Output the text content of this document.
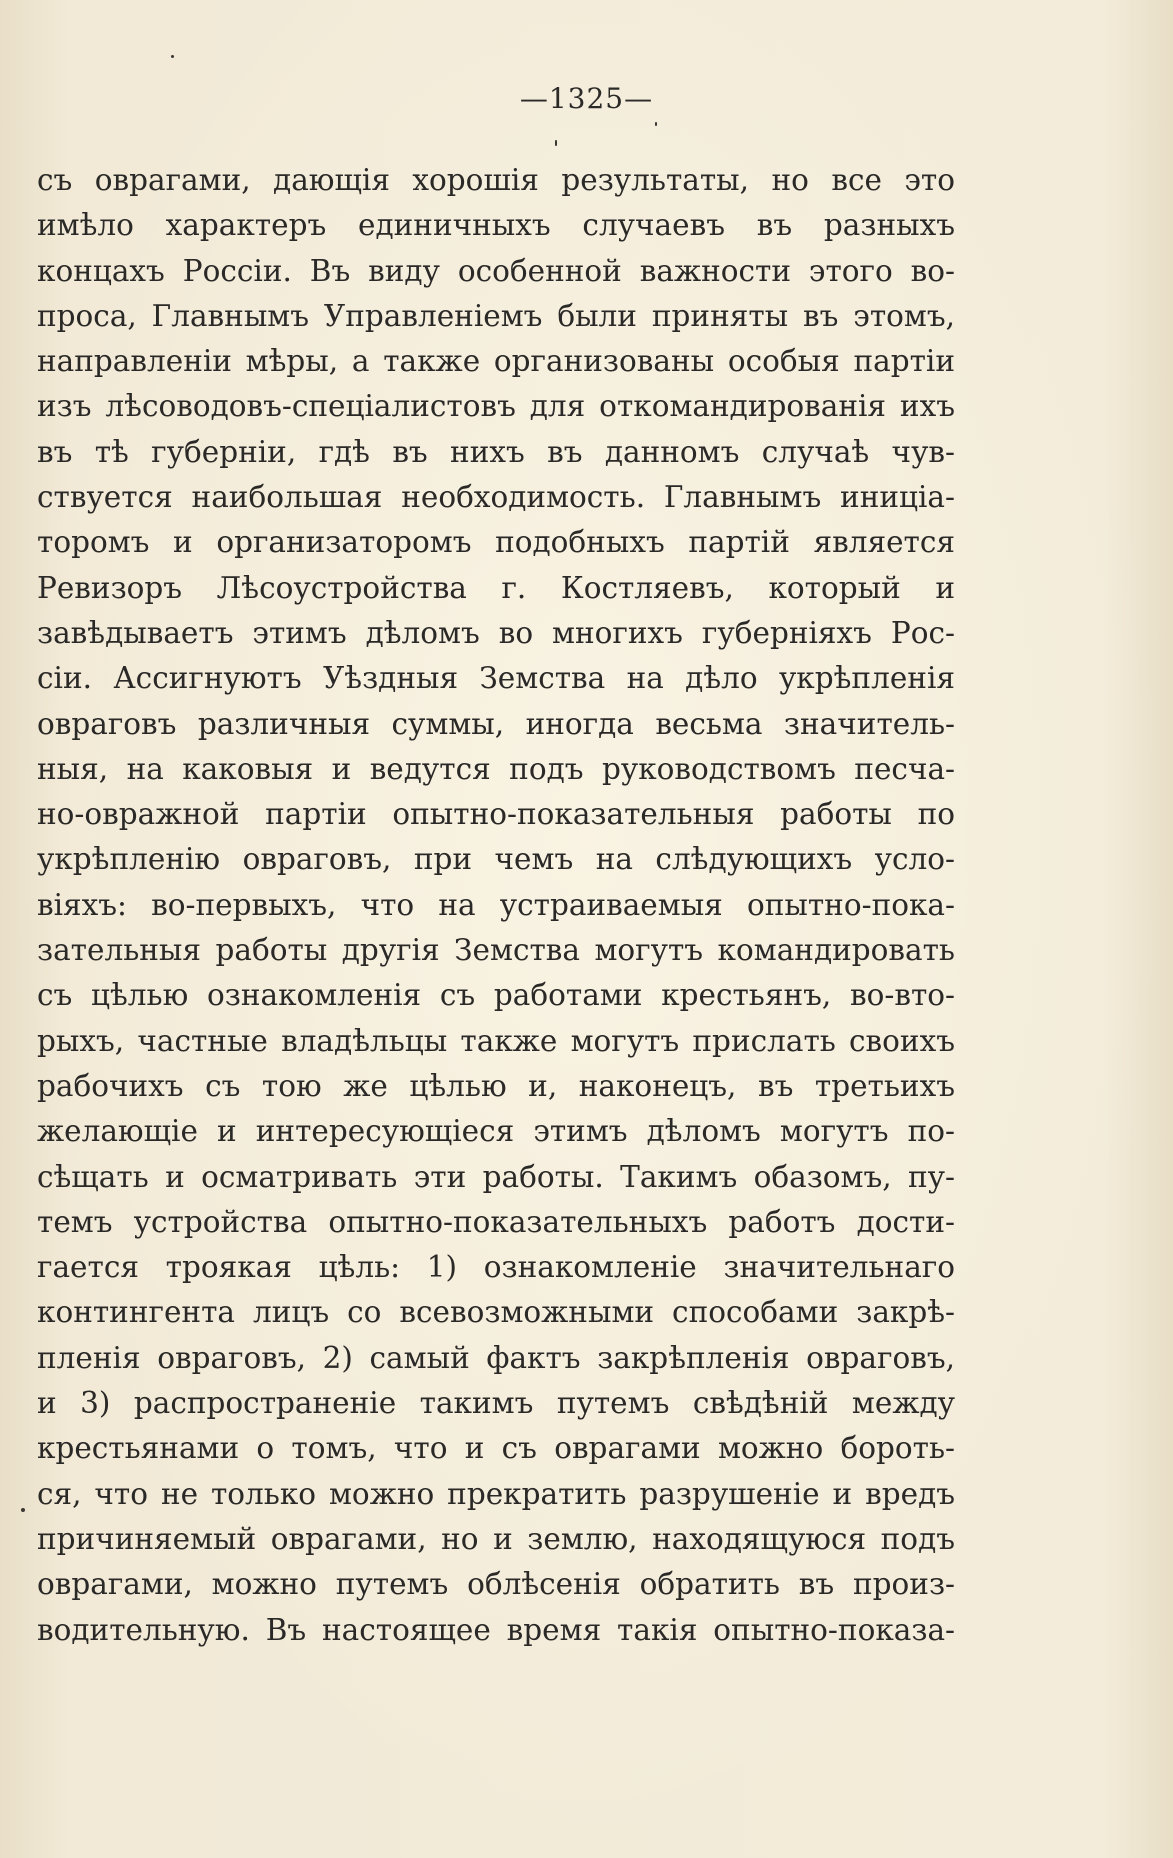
—1325—
съ оврагами, дающія хорошія результаты, но все это
имѣло характеръ единичныхъ случаевъ въ разныхъ
концахъ Россіи. Въ виду особенной важности этого во-
проса, Главнымъ Управленіемъ были приняты въ этомъ,
направленіи мѣры, а также организованы особыя партіи
изъ лѣсоводовъ-спеціалистовъ для откомандированія ихъ
въ тѣ губерніи, гдѣ въ нихъ въ данномъ случаѣ чув-
ствуется наибольшая необходимость. Главнымъ иниціа-
торомъ и организаторомъ подобныхъ партій является
Ревизоръ Лѣсоустройства г. Костляевъ, который и
завѣдываетъ этимъ дѣломъ во многихъ губерніяхъ Рос-
сіи. Ассигнуютъ Уѣздныя Земства на дѣло укрѣпленія
овраговъ различныя суммы, иногда весьма значитель-
ныя, на каковыя и ведутся подъ руководствомъ песча-
но-овражной партіи опытно-показательныя работы по
укрѣпленію овраговъ, при чемъ на слѣдующихъ усло-
віяхъ: во-первыхъ, что на устраиваемыя опытно-пока-
зательныя работы другія Земства могутъ командировать
съ цѣлью ознакомленія съ работами крестьянъ, во-вто-
рыхъ, частные владѣльцы также могутъ прислать своихъ
рабочихъ съ тою же цѣлью и, наконецъ, въ третьихъ
желающіе и интересующіеся этимъ дѣломъ могутъ по-
сѣщать и осматривать эти работы. Такимъ обазомъ, пу-
темъ устройства опытно-показательныхъ работъ дости-
гается троякая цѣль: 1) ознакомленіе значительнаго
контингента лицъ со всевозможными способами закрѣ-
пленія овраговъ, 2) самый фактъ закрѣпленія овраговъ,
и 3) распространеніе такимъ путемъ свѣдѣній между
крестьянами о томъ, что и съ оврагами можно бороть-
ся, что не только можно прекратить разрушеніе и вредъ
причиняемый оврагами, но и землю, находящуюся подъ
оврагами, можно путемъ облѣсенія обратить въ произ-
водительную. Въ настоящее время такія опытно-показа-
